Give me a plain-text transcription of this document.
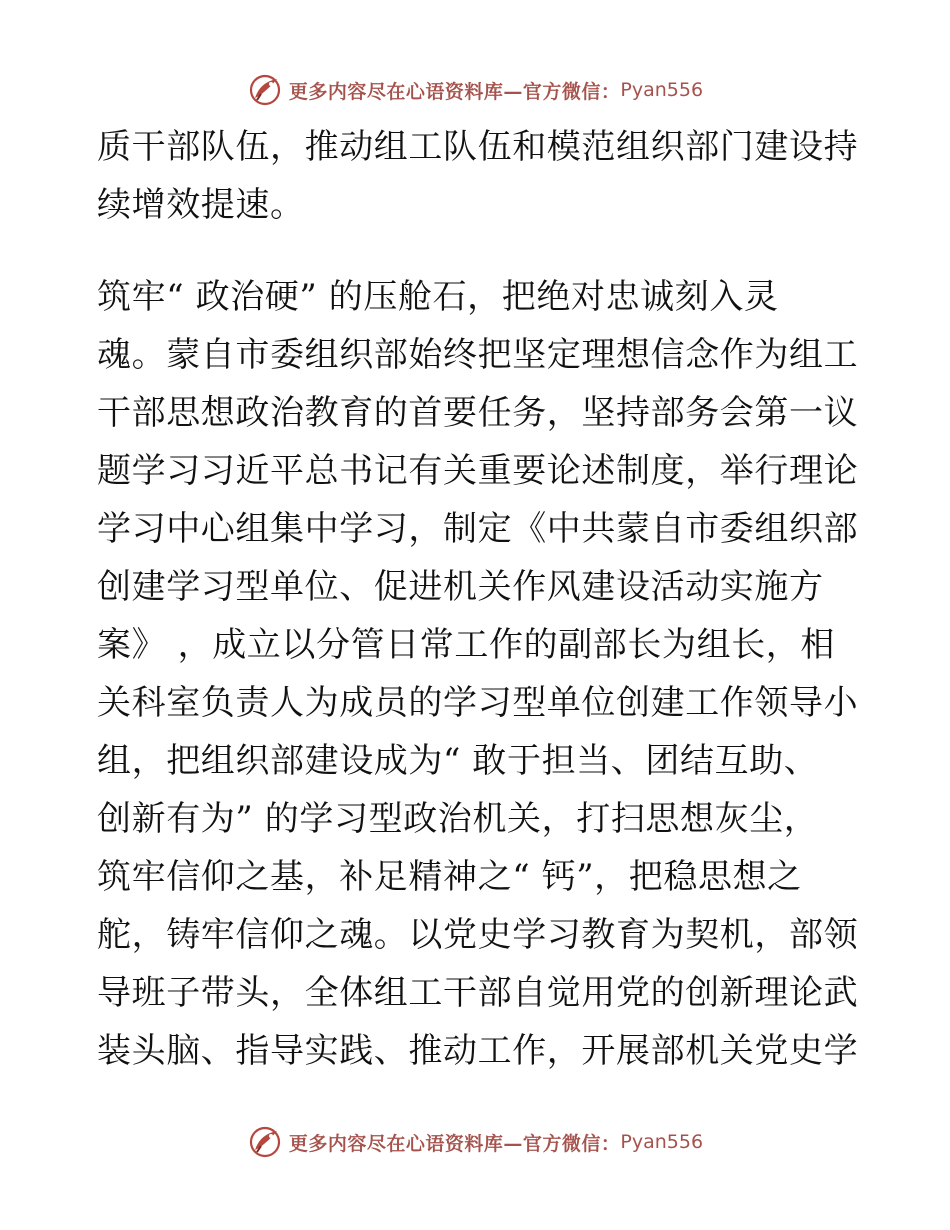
更多内容尽在心语资料库—官方微信： Pyan556
质干部队伍，推动组工队伍和模范组织部门建设持
续增效提速。
筑牢“ 政治硬” 的压舱石，把绝对忠诚刻入灵
魂。蒙自市委组织部始终把坚定理想信念作为组工
干部思想政治教育的首要任务，坚持部务会第一议
题学习习近平总书记有关重要论述制度，举行理论
学习中心组集中学习，制定《中共蒙自市委组织部
创建学习型单位、促进机关作风建设活动实施方
案》 ，成立以分管日常工作的副部长为组长，相
关科室负责人为成员的学习型单位创建工作领导小
组，把组织部建设成为“ 敢于担当、团结互助、
创新有为” 的学习型政治机关，打扫思想灰尘，
筑牢信仰之基，补足精神之“ 钙”，把稳思想之
舵，铸牢信仰之魂。以党史学习教育为契机，部领
导班子带头，全体组工干部自觉用党的创新理论武
装头脑、指导实践、推动工作，开展部机关党史学
更多内容尽在心语资料库—官方微信： Pyan556
